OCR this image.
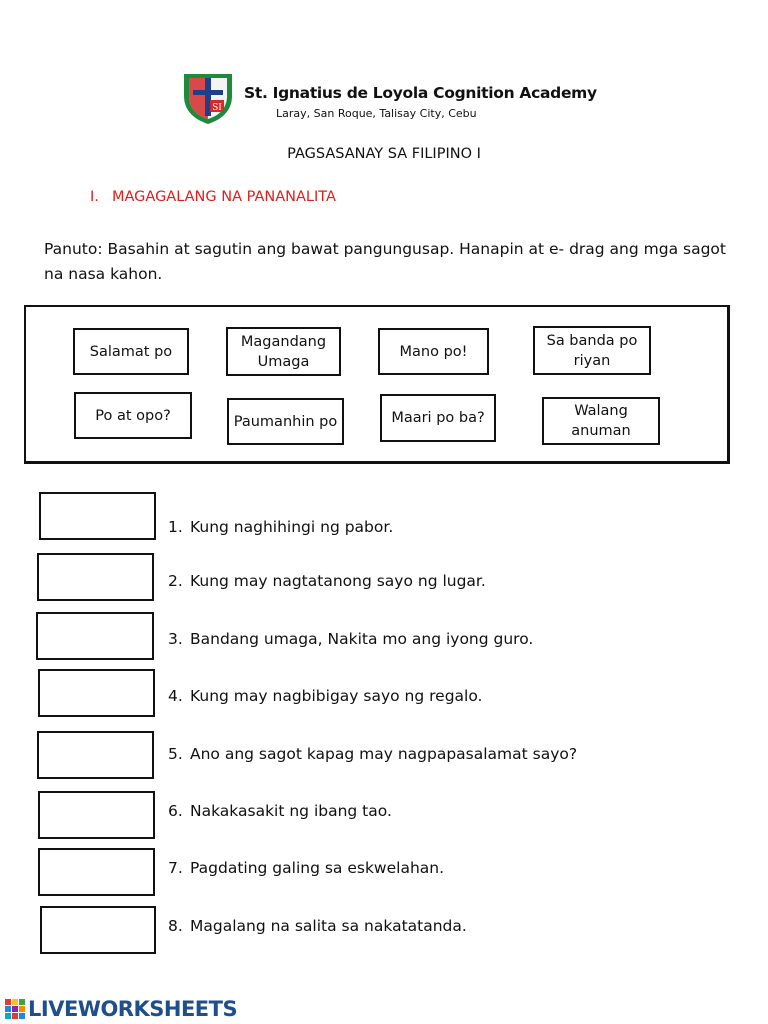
SI
St. Ignatius de Loyola Cognition Academy
Laray, San Roque, Talisay City, Cebu
PAGSASANAY SA FILIPINO I
I. MAGAGALANG NA PANANALITA
Panuto: Basahin at sagutin ang bawat pangungusap. Hanapin at e- drag ang mga sagot na nasa kahon.
Salamat po
Magandang Umaga
Mano po!
Sa banda po riyan
Po at opo?	Paumanhin po	Maari po ba?	Walang anuman
1. Kung naghihingi ng pabor.
2. Kung may nagtatanong sayo ng lugar.
3. Bandang umaga, Nakita mo ang iyong guro.
4. Kung may nagbibigay sayo ng regalo.
5. Ano ang sagot kapag may nagpapasalamat sayo?
6. Nakakasakit ng ibang tao.
7. Pagdating galing sa eskwelahan.
8. Magalang na salita sa nakatatanda.
LIVEWORKSHEETS
